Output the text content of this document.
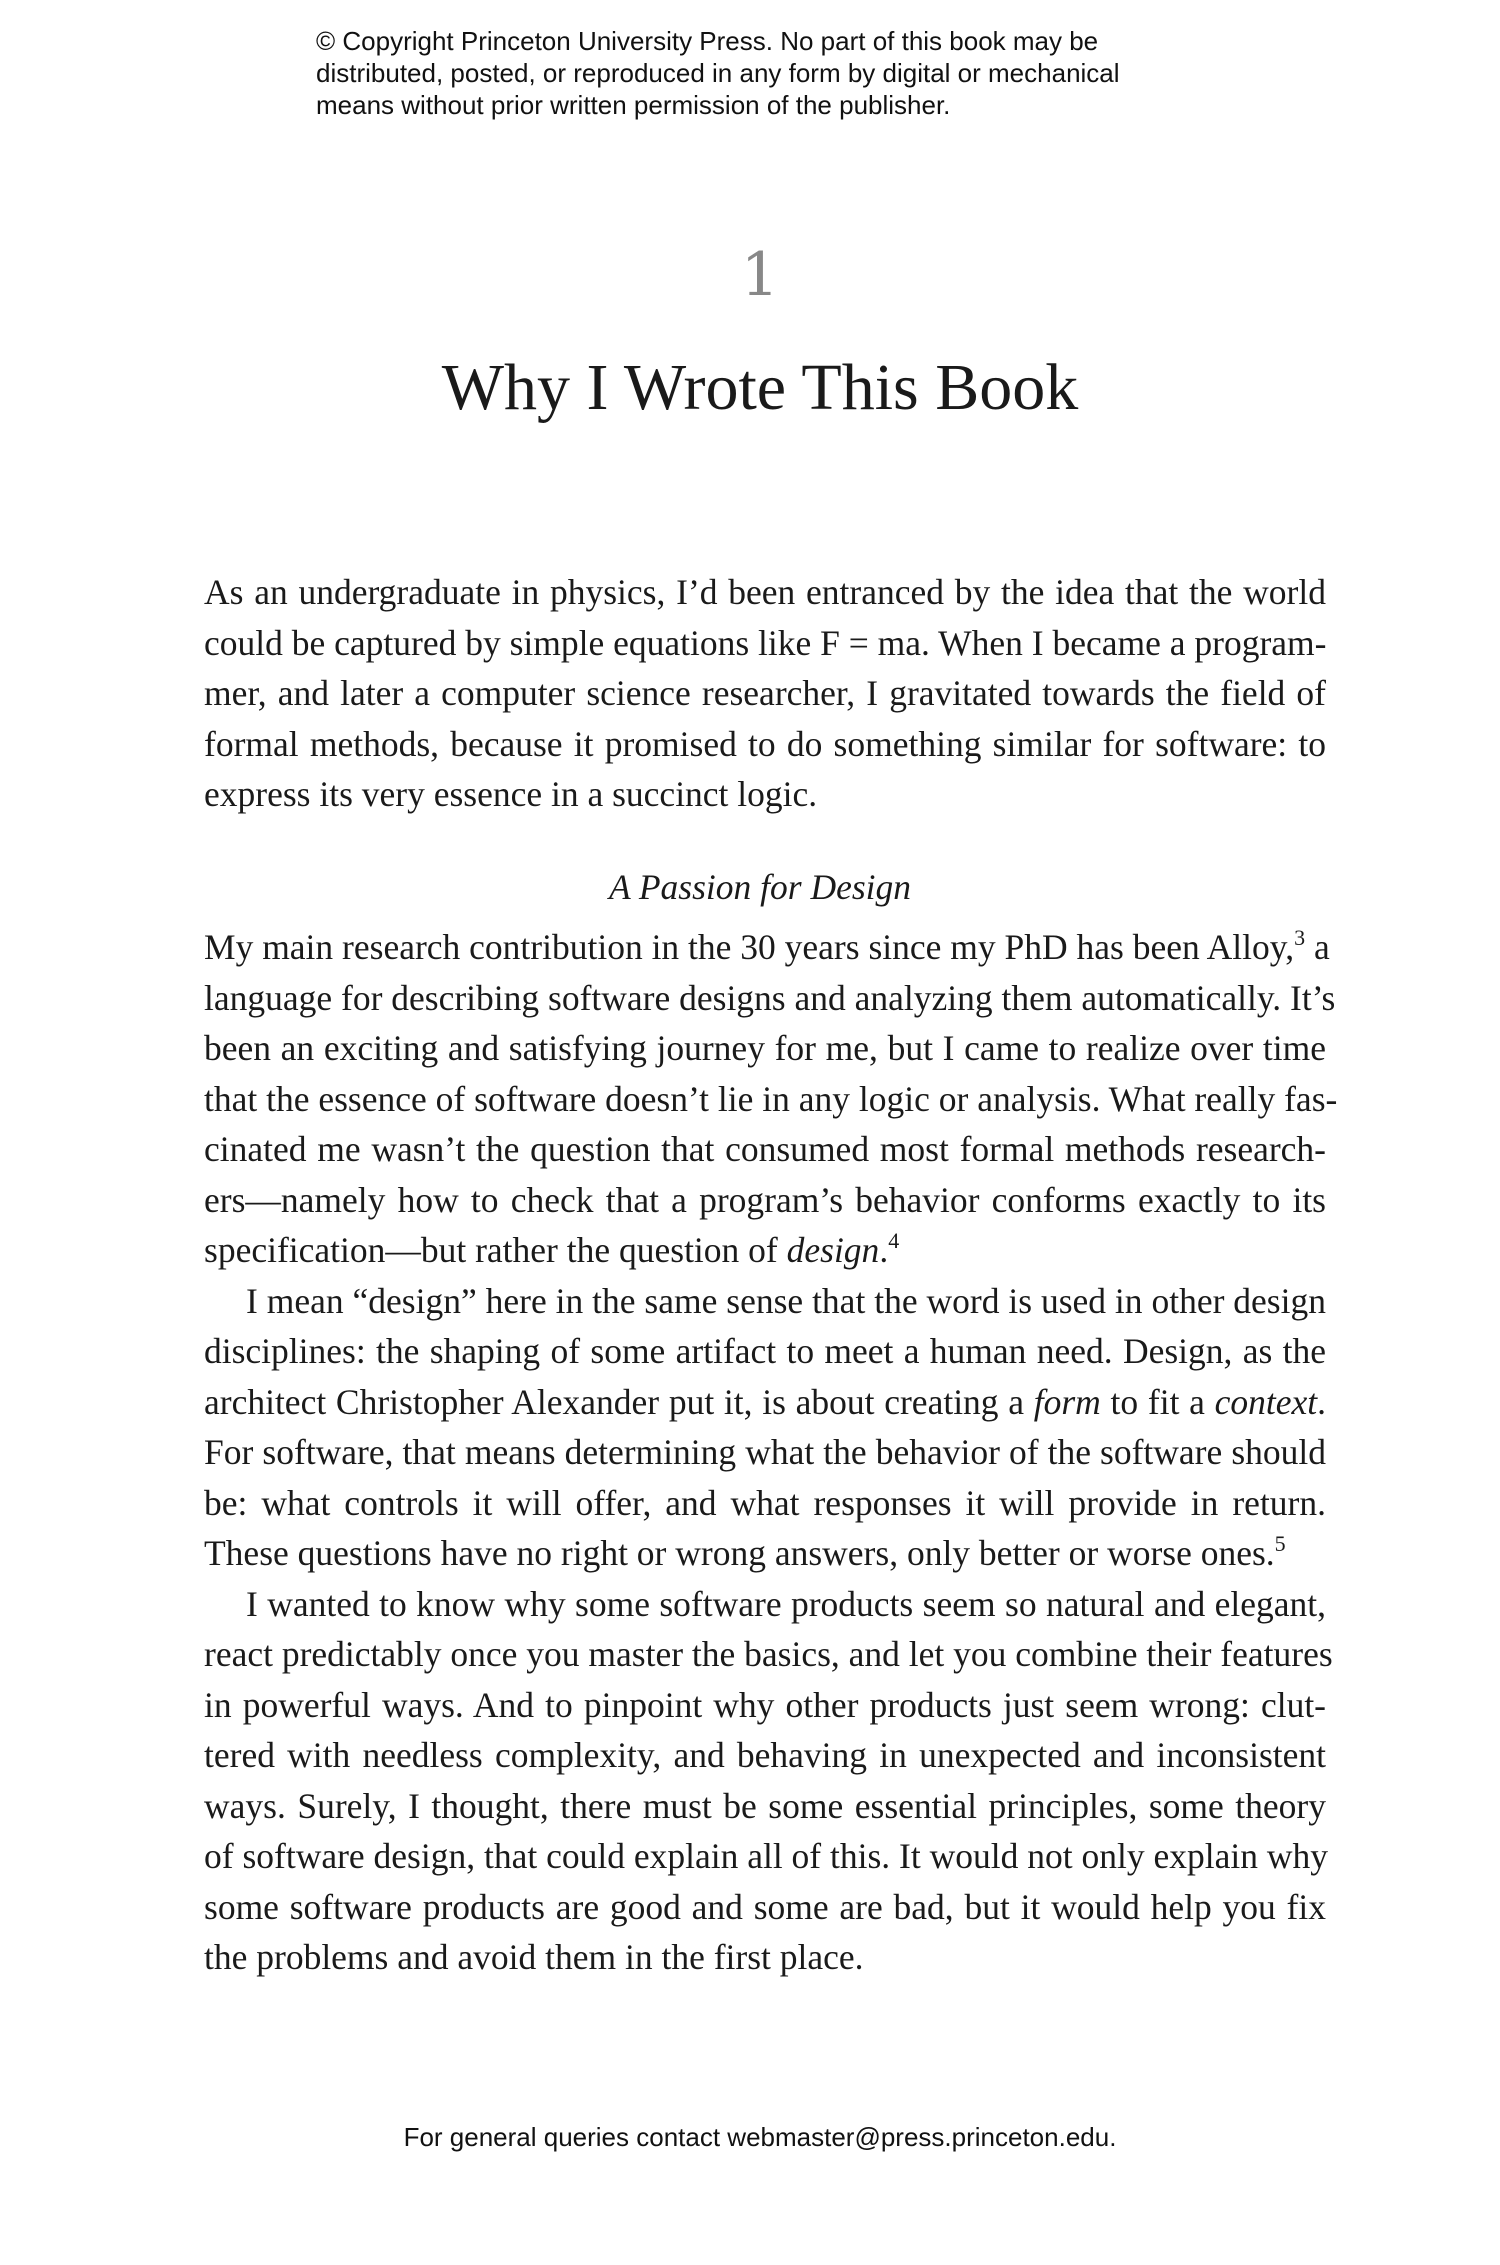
© Copyright Princeton University Press. No part of this book may be
distributed, posted, or reproduced in any form by digital or mechanical
means without prior written permission of the publisher.
1
Why I Wrote This Book
As an undergraduate in physics, I’d been entranced by the idea that the world
could be captured by simple equations like F = ma. When I became a program-
mer, and later a computer science researcher, I gravitated towards the field of
formal methods, because it promised to do something similar for software: to
express its very essence in a succinct logic.
A Passion for Design
My main research contribution in the 30 years since my PhD has been Alloy,$^3$ a
language for describing software designs and analyzing them automatically. It’s
been an exciting and satisfying journey for me, but I came to realize over time
that the essence of software doesn’t lie in any logic or analysis. What really fas-
cinated me wasn’t the question that consumed most formal methods research-
ers—namely how to check that a program’s behavior conforms exactly to its
specification—but rather the question of design.$^4$
I mean “design” here in the same sense that the word is used in other design
disciplines: the shaping of some artifact to meet a human need. Design, as the
architect Christopher Alexander put it, is about creating a form to fit a context.
For software, that means determining what the behavior of the software should
be: what controls it will offer, and what responses it will provide in return.
These questions have no right or wrong answers, only better or worse ones.$^5$
I wanted to know why some software products seem so natural and elegant,
react predictably once you master the basics, and let you combine their features
in powerful ways. And to pinpoint why other products just seem wrong: clut-
tered with needless complexity, and behaving in unexpected and inconsistent
ways. Surely, I thought, there must be some essential principles, some theory
of software design, that could explain all of this. It would not only explain why
some software products are good and some are bad, but it would help you fix
the problems and avoid them in the first place.
For general queries contact webmaster@press.princeton.edu.
